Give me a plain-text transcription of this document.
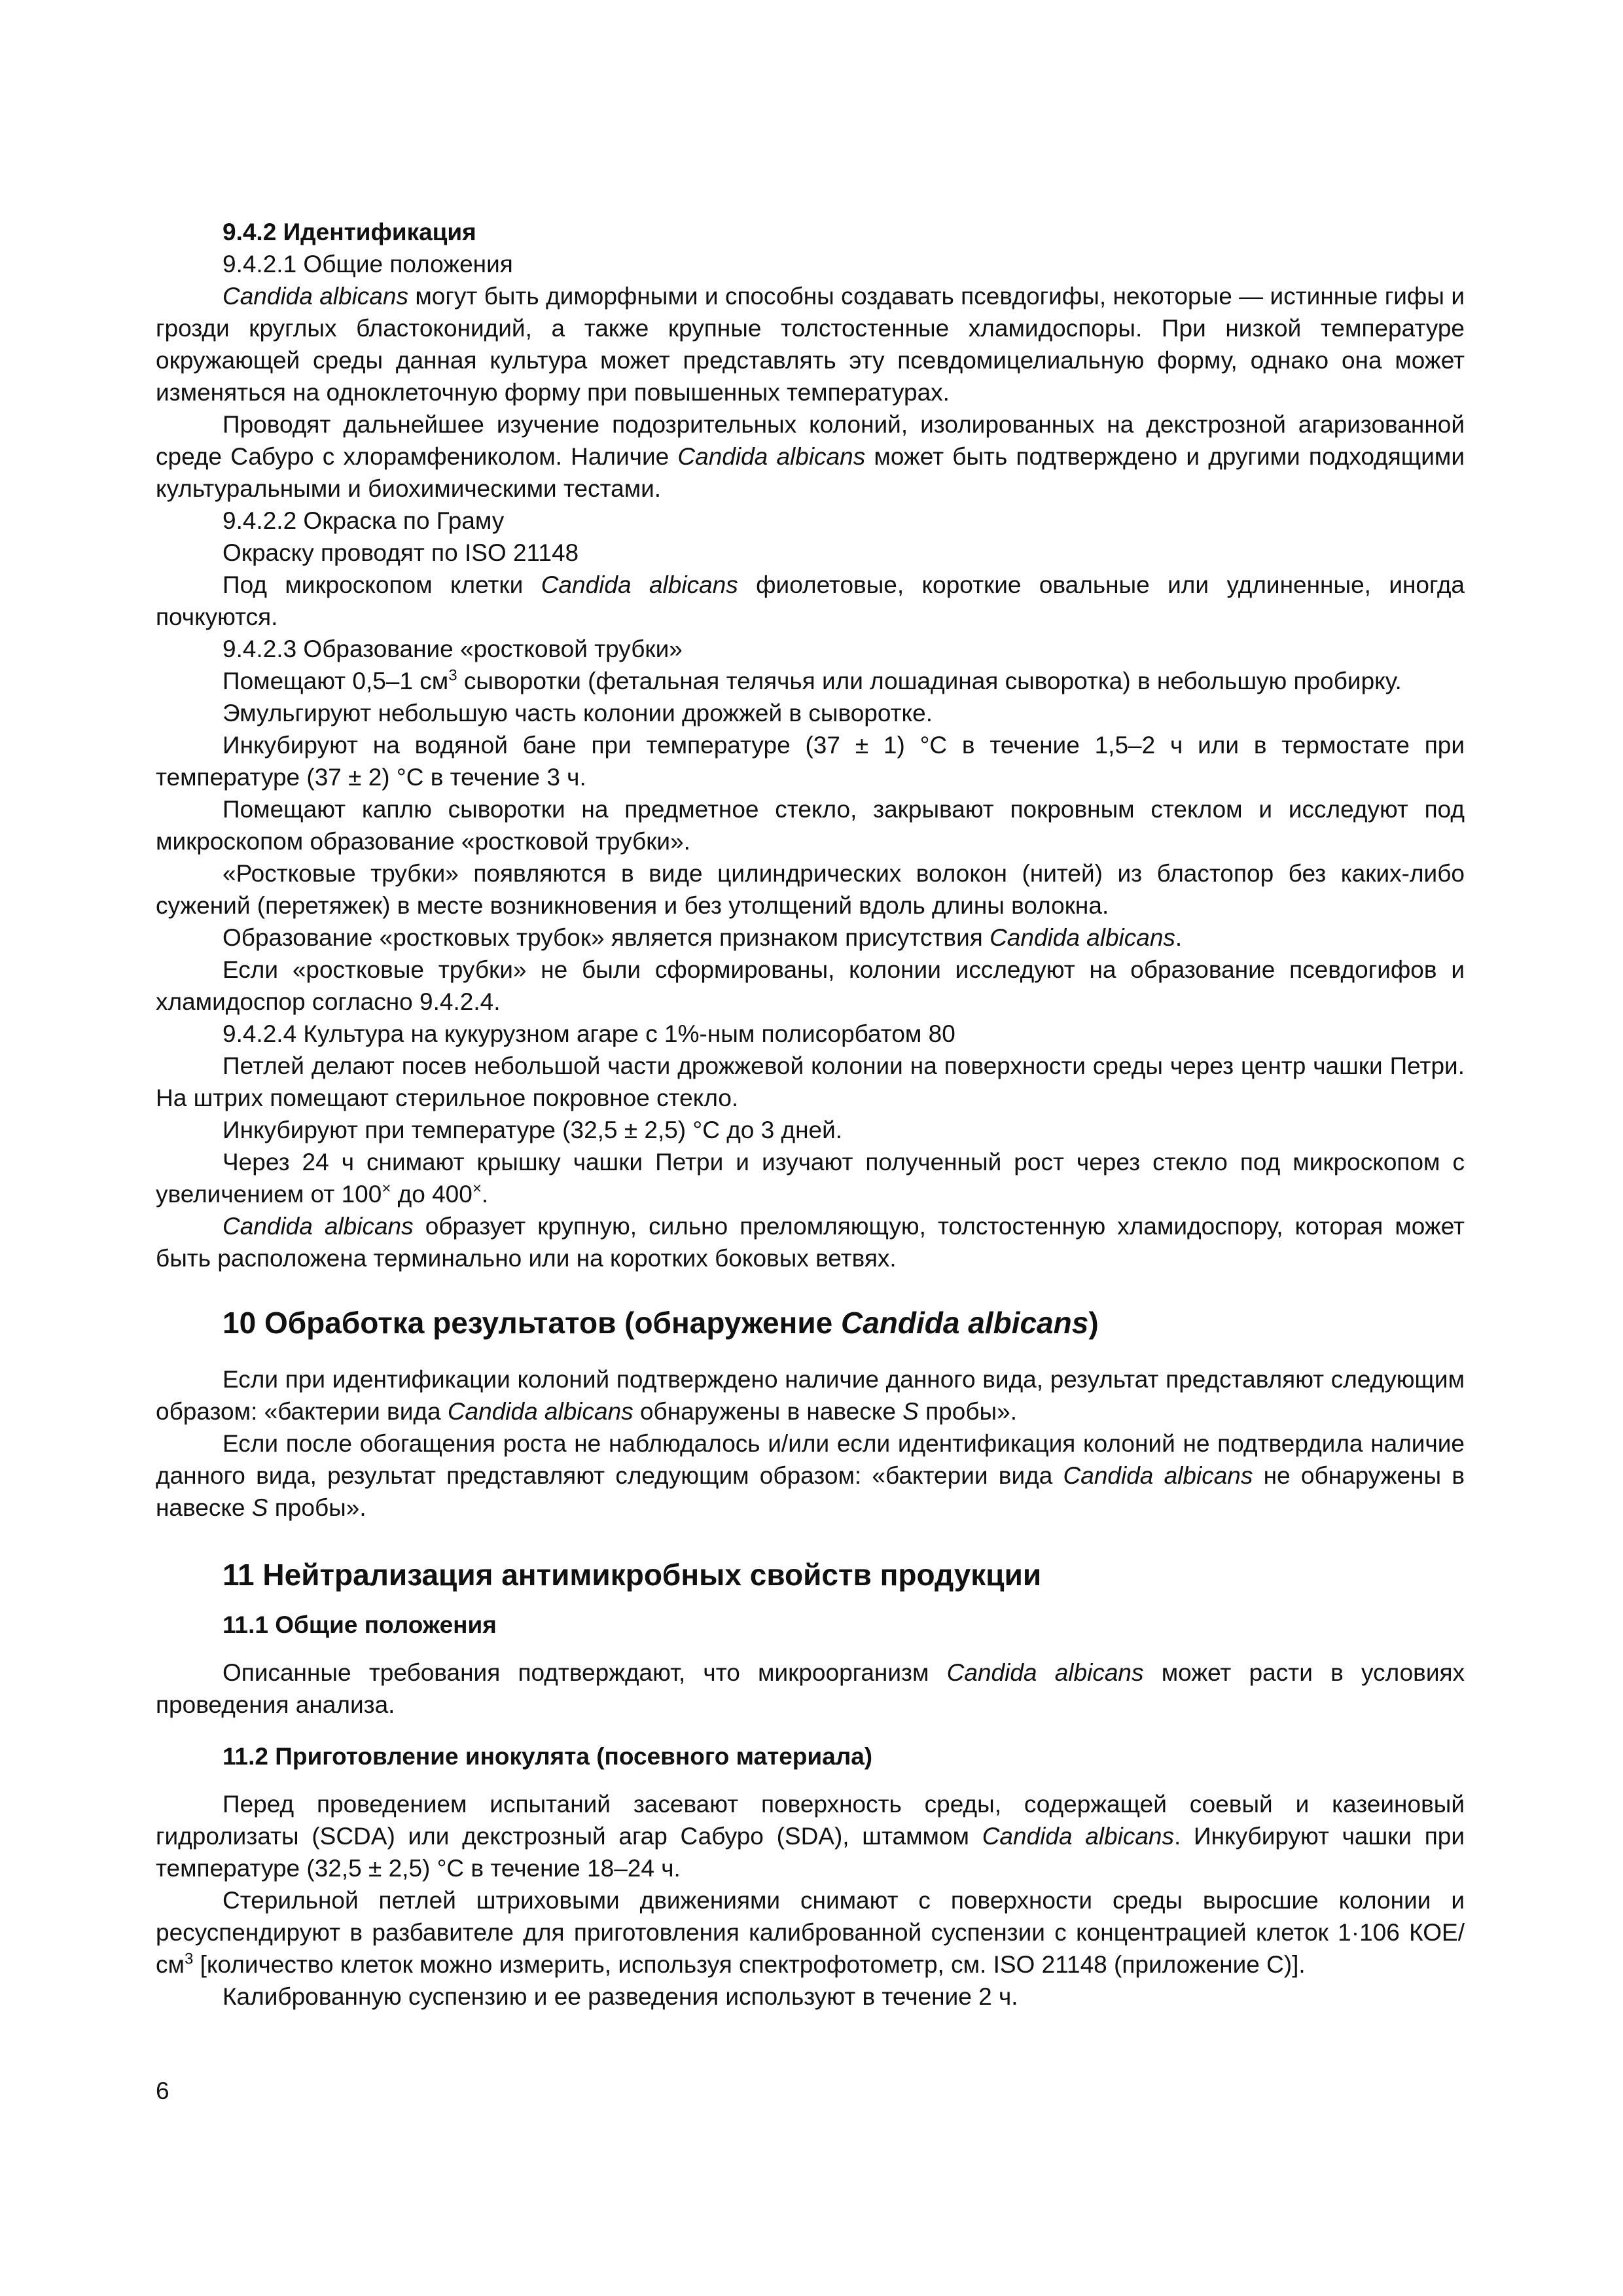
9.4.2 Идентификация

9.4.2.1 Общие положения

Candida albicans могут быть диморфными и способны создавать псевдогифы, некоторые — истинные гифы и грозди круглых бластоконидий, а также крупные толстостенные хламидоспоры. При низкой температуре окружающей среды данная культура может представлять эту псевдомицелиальную форму, однако она может изменяться на одноклеточную форму при повышенных температурах.

Проводят дальнейшее изучение подозрительных колоний, изолированных на декстрозной агаризованной среде Сабуро с хлорамфениколом. Наличие Candida albicans может быть подтверждено и другими подходящими культуральными и биохимическими тестами.

9.4.2.2 Окраска по Граму

Окраску проводят по ISO 21148

Под микроскопом клетки Candida albicans фиолетовые, короткие овальные или удлиненные, иногда почкуются.

9.4.2.3 Образование «ростковой трубки»

Помещают 0,5–1 $см^3$ сыворотки (фетальная телячья или лошадиная сыворотка) в небольшую пробирку.

Эмульгируют небольшую часть колонии дрожжей в сыворотке.

Инкубируют на водяной бане при температуре (37 ± 1) °С в течение 1,5–2 ч или в термостате при температуре (37 ± 2) °С в течение 3 ч.

Помещают каплю сыворотки на предметное стекло, закрывают покровным стеклом и исследуют под микроскопом образование «ростковой трубки».

«Ростковые трубки» появляются в виде цилиндрических волокон (нитей) из бластопор без каких-либо сужений (перетяжек) в месте возникновения и без утолщений вдоль длины волокна.

Образование «ростковых трубок» является признаком присутствия Candida albicans.

Если «ростковые трубки» не были сформированы, колонии исследуют на образование псевдогифов и хламидоспор согласно 9.4.2.4.

9.4.2.4 Культура на кукурузном агаре с 1%-ным полисорбатом 80

Петлей делают посев небольшой части дрожжевой колонии на поверхности среды через центр чашки Петри. На штрих помещают стерильное покровное стекло.

Инкубируют при температуре (32,5 ± 2,5) °С до 3 дней.

Через 24 ч снимают крышку чашки Петри и изучают полученный рост через стекло под микроскопом с увеличением от 100× до 400×.

Candida albicans образует крупную, сильно преломляющую, толстостенную хламидоспору, которая может быть расположена терминально или на коротких боковых ветвях.

10 Обработка результатов (обнаружение Candida albicans)

Если при идентификации колоний подтверждено наличие данного вида, результат представляют следующим образом: «бактерии вида Candida albicans обнаружены в навеске S пробы».

Если после обогащения роста не наблюдалось и/или если идентификация колоний не подтвердила наличие данного вида, результат представляют следующим образом: «бактерии вида Candida albicans не обнаружены в навеске S пробы».

11 Нейтрализация антимикробных свойств продукции
11.1 Общие положения

Описанные требования подтверждают, что микроорганизм Candida albicans может расти в условиях проведения анализа.

11.2 Приготовление инокулята (посевного материала)

Перед проведением испытаний засевают поверхность среды, содержащей соевый и казеиновый гидролизаты (SCDA) или декстрозный агар Сабуро (SDA), штаммом Candida albicans. Инкубируют чашки при температуре (32,5 ± 2,5) °С в течение 18–24 ч.

Стерильной петлей штриховыми движениями снимают с поверхности среды выросшие колонии и ресуспендируют в разбавителе для приготовления калиброванной суспензии с концентрацией клеток 1·106 КОЕ/$см^3$ [количество клеток можно измерить, используя спектрофотометр, см. ISO 21148 (приложение С)].

Калиброванную суспензию и ее разведения используют в течение 2 ч.

6
